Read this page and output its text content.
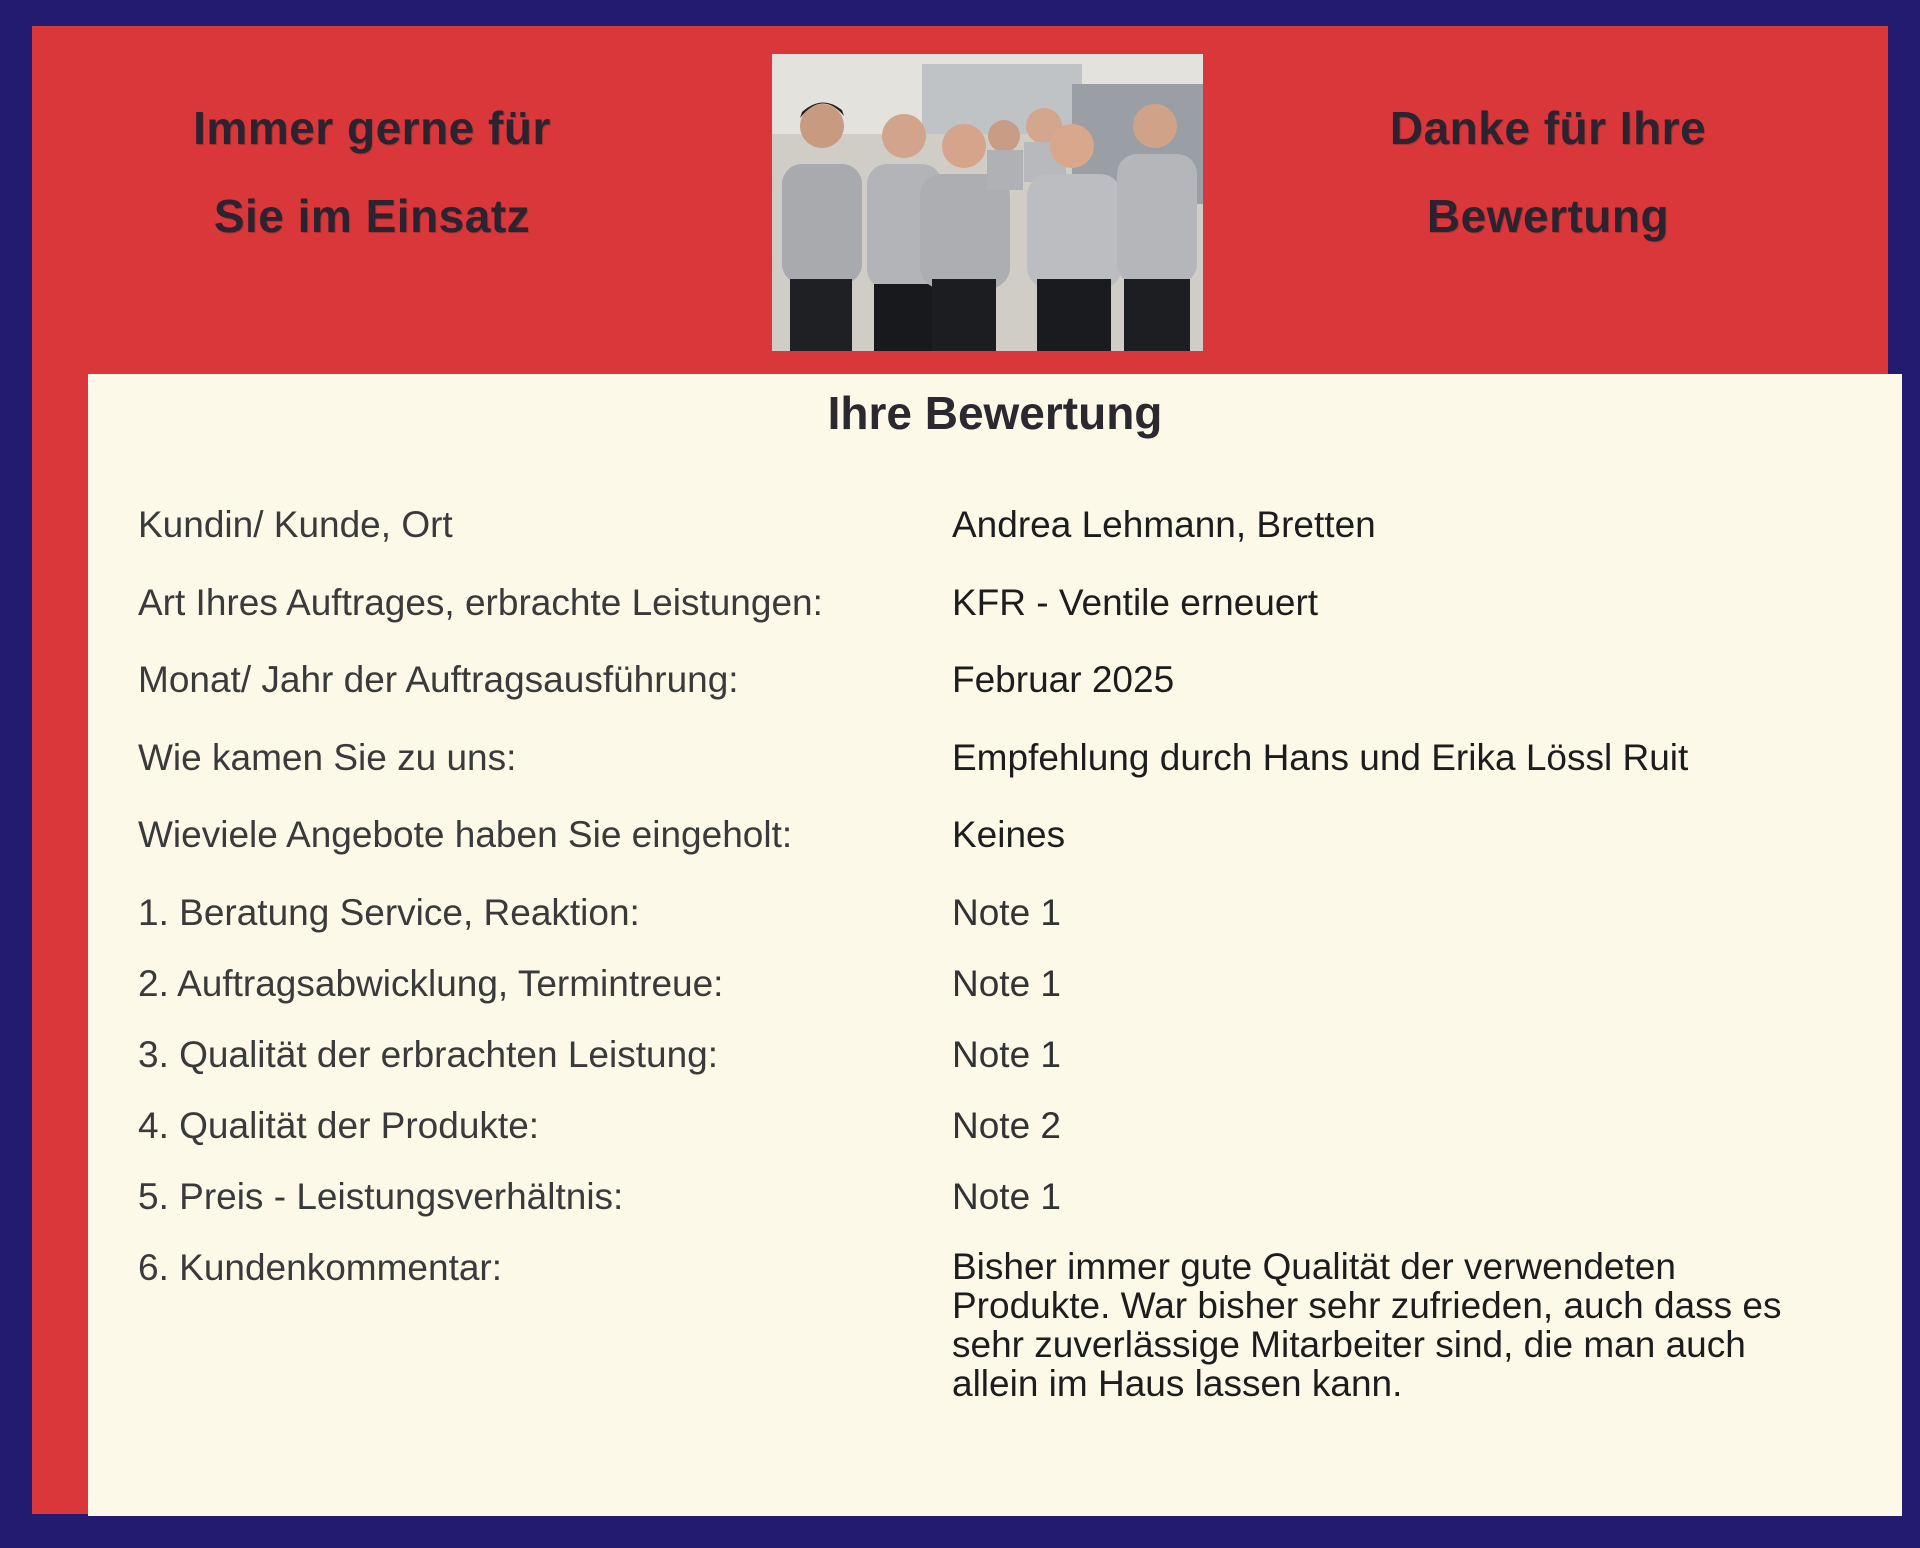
Immer gerne für
Sie im Einsatz
Danke für Ihre
Bewertung
Ihre Bewertung
Kundin/ Kunde, Ort	Andrea Lehmann, Bretten
Art Ihres Auftrages, erbrachte Leistungen:	KFR - Ventile erneuert
Monat/ Jahr der Auftragsausführung:	Februar 2025
Wie kamen Sie zu uns:	Empfehlung durch Hans und Erika Lössl Ruit
Wieviele Angebote haben Sie eingeholt:	Keines
1. Beratung Service, Reaktion:	Note 1
2. Auftragsabwicklung, Termintreue:	Note 1
3. Qualität der erbrachten Leistung:	Note 1
4. Qualität der Produkte:	Note 2
5. Preis - Leistungsverhältnis:	Note 1
6. Kundenkommentar:	Bisher immer gute Qualität der verwendeten Produkte. War bisher sehr zufrieden, auch dass es sehr zuverlässige Mitarbeiter sind, die man auch allein im Haus lassen kann.
